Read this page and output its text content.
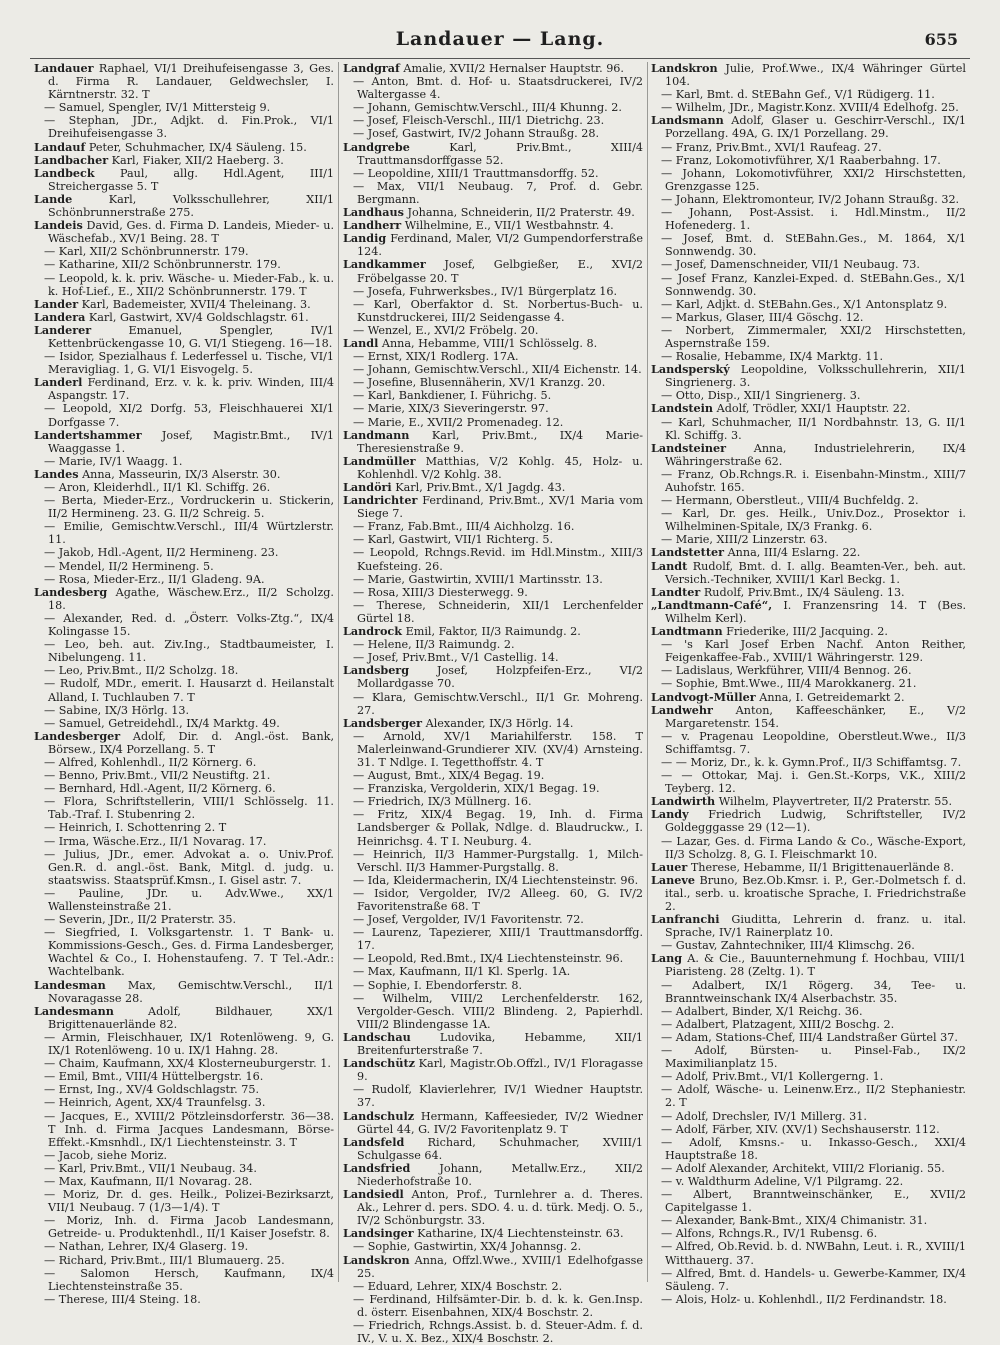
Landauer — Lang.	655

Landauer Raphael, VI/1 Dreihufeisengasse 3, Ges. d. Firma R. Landauer, Geldwechsler, I. Kärntnerstr. 32. T

— Samuel, Spengler, IV/1 Mittersteig 9.

— Stephan, JDr., Adjkt. d. Fin.Prok., VI/1 Dreihufeisengasse 3.

Landauf Peter, Schuhmacher, IX/4 Säuleng. 15.

Landbacher Karl, Fiaker, XII/2 Haeberg. 3.

Landbeck Paul, allg. Hdl.Agent, III/1 Streichergasse 5. T

Lande	Karl, Volksschullehrer, XII/1 Schönbrunnerstraße 275.

Landeis David, Ges. d. Firma D. Landeis, Mieder- u. Wäschefab., XV/1 Being. 28. T

— Karl, XII/2 Schönbrunnerstr. 179.

— Katharine, XII/2 Schönbrunnerstr. 179.

— Leopold, k. k. priv. Wäsche- u. Mieder-Fab., k. u. k. Hof-Lief., E., XII/2 Schönbrunnerstr. 179. T

Lander Karl, Bademeister, XVII/4 Theleinang. 3.

Landera Karl, Gastwirt, XV/4 Goldschlagstr. 61.

Landerer	Emanuel, Spengler, IV/1 Kettenbrückengasse 10, G. VI/1 Stiegeng. 16—18.

— Isidor, Spezialhaus f. Lederfessel u. Tische, VI/1 Meravigliag. 1, G. VI/1 Eisvogelg. 5.

Landerl Ferdinand, Erz. v. k. k. priv. Winden, III/4 Aspangstr. 17.

— Leopold, XI/2 Dorfg. 53, Fleischhauerei XI/1 Dorfgasse 7.

Landertshammer Josef, Magistr.Bmt., IV/1 Waaggasse 1.

— Marie, IV/1 Waagg. 1.

Landes Anna, Masseurin, IX/3 Alserstr. 30.

— Aron, Kleiderhdl., II/1 Kl. Schiffg. 26.

— Berta, Mieder-Erz., Vordruckerin u. Stickerin, II/2 Hermineng. 23. G. II/2 Schreig. 5.

— Emilie, Gemischtw.Verschl., III/4 Würtzlerstr. 11.

— Jakob, Hdl.-Agent, II/2 Hermineng. 23.

— Mendel, II/2 Hermineng. 5.

— Rosa, Mieder-Erz., II/1 Gladeng. 9A.

Landesberg Agathe, Wäschew.Erz., II/2 Scholzg. 18.

— Alexander, Red. d. „Österr. Volks-Ztg.“, IX/4 Kolingasse 15.

— Leo, beh. aut. Ziv.Ing., Stadtbaumeister, I. Nibelungeng. 11.

— Leo, Priv.Bmt., II/2 Scholzg. 18.

— Rudolf, MDr., emerit. I. Hausarzt d. Heilanstalt Alland, I. Tuchlauben 7. T

— Sabine, IX/3 Hörlg. 13.

— Samuel, Getreidehdl., IX/4 Marktg. 49.

Landesberger Adolf, Dir. d. Angl.-öst. Bank, Börsew., IX/4 Porzellang. 5. T

— Alfred, Kohlenhdl., II/2 Körnerg. 6.

— Benno, Priv.Bmt., VII/2 Neustiftg. 21.

— Bernhard, Hdl.-Agent, II/2 Körnerg. 6.

— Flora, Schriftstellerin, VIII/1 Schlösselg. 11. Tab.-Traf. I. Stubenring 2.

— Heinrich, I. Schottenring 2. T

— Irma, Wäsche.Erz., II/1 Novarag. 17.

— Julius, JDr., emer. Advokat a. o. Univ.Prof. Gen.R. d. angl.-öst. Bank, Mitgl. d. judg. u. staatswiss. Staatsprüf.Kmsn., I. Gisel astr. 7.

— Pauline, JDr. u. Adv.Wwe., XX/1 Wallensteinstraße 21.

— Severin, JDr., II/2 Praterstr. 35.

— Siegfried, I. Volksgartenstr. 1. T Bank- u. Kommissions-Gesch., Ges. d. Firma Landesberger, Wachtel & Co., I. Hohenstaufeng. 7. T Tel.-Adr.: Wachtelbank.

Landesman Max, Gemischtw.Verschl., II/1 Novaragasse 28.

Landesmann	Adolf, Bildhauer, XX/1 Brigittenauerlände 82.

— Armin, Fleischhauer, IX/1 Rotenlöweng. 9, G. IX/1 Rotenlöweng. 10 u. IX/1 Hahng. 28.

— Chaim, Kaufmann, XX/4 Klosterneuburgerstr. 1.

— Emil, Bmt., VIII/4 Hüttelbergstr. 16.

— Ernst, Ing., XV/4 Goldschlagstr. 75.

— Heinrich, Agent, XX/4 Traunfelsg. 3.

— Jacques, E., XVIII/2 Pötzleinsdorferstr. 36—38. T Inh. d. Firma Jacques Landesmann, Börse-Effekt.-Kmsnhdl., IX/1 Liechtensteinstr. 3. T

— Jacob, siehe Moriz.

— Karl, Priv.Bmt., VII/1 Neubaug. 34.

— Max, Kaufmann, II/1 Novarag. 28.

— Moriz, Dr. d. ges. Heilk., Polizei-Bezirksarzt, VII/1 Neubaug. 7 (1/3—1/4). T

— Moriz, Inh. d. Firma Jacob Landesmann, Getreide- u. Produktenhdl., II/1 Kaiser Josefstr. 8.

— Nathan, Lehrer, IX/4 Glaserg. 19.

— Richard, Priv.Bmt., III/1 Blumauerg. 25.

— Salomon Hersch, Kaufmann, IX/4 Liechtensteinstraße 35.

— Therese, III/4 Steing. 18.

Landgraf Amalie, XVII/2 Hernalser Hauptstr. 96.

— Anton, Bmt. d. Hof- u. Staatsdruckerei, IV/2 Waltergasse 4.

— Johann, Gemischtw.Verschl., III/4 Khunng. 2.

— Josef, Fleisch-Verschl., III/1 Dietrichg. 23.

— Josef, Gastwirt, IV/2 Johann Straußg. 28.

Landgrebe	Karl, Priv.Bmt., XIII/4 Trauttmansdorffgasse 52.

— Leopoldine, XIII/1 Trauttmansdorffg. 52.

— Max, VII/1 Neubaug. 7, Prof. d. Gebr. Bergmann.

Landhaus Johanna, Schneiderin, II/2 Praterstr. 49.

Landherr Wilhelmine, E., VII/1 Westbahnstr. 4.

Landig Ferdinand, Maler, VI/2 Gumpendorferstraße 124.

Landkammer Josef, Gelbgießer, E., XVI/2 Fröbelgasse 20. T

— Josefa, Fuhrwerksbes., IV/1 Bürgerplatz 16.

— Karl, Oberfaktor d. St. Norbertus-Buch- u. Kunstdruckerei, III/2 Seidengasse 4.

— Wenzel, E., XVI/2 Fröbelg. 20.

Landl Anna, Hebamme, VIII/1 Schlösselg. 8.

— Ernst, XIX/1 Rodlerg. 17A.

— Johann, Gemischtw.Verschl., XII/4 Eichenstr. 14.

— Josefine, Blusennäherin, XV/1 Kranzg. 20.

— Karl, Bankdiener, I. Führichg. 5.

— Marie, XIX/3 Sieveringerstr. 97.

— Marie, E., XVII/2 Promenadeg. 12.

Landmann Karl, Priv.Bmt., IX/4 Marie-Theresienstraße 9.

Landmüller Matthias, V/2 Kohlg. 45, Holz- u. Kohlenhdl. V/2 Kohlg. 38.

Landöri Karl, Priv.Bmt., X/1 Jagdg. 43.

Landrichter Ferdinand, Priv.Bmt., XV/1 Maria vom Siege 7.

— Franz, Fab.Bmt., III/4 Aichholzg. 16.

— Karl, Gastwirt, VII/1 Richterg. 5.

— Leopold, Rchngs.Revid. im Hdl.Minstm., XIII/3 Kuefsteing. 26.

— Marie, Gastwirtin, XVIII/1 Martinsstr. 13.

— Rosa, XIII/3 Diesterwegg. 9.

— Therese, Schneiderin, XII/1 Lerchenfelder Gürtel 18.

Landrock Emil, Faktor, II/3 Raimundg. 2.

— Helene, II/3 Raimundg. 2.

— Josef, Priv.Bmt., V/1 Castellig. 14.

Landsberg Josef, Holzpfeifen-Erz., VI/2 Mollardgasse 70.

— Klara, Gemischtw.Verschl., II/1 Gr. Mohreng. 27.

Landsberger Alexander, IX/3 Hörlg. 14.

— Arnold, XV/1 Mariahilferstr. 158. T Malerleinwand-Grundierer XIV. (XV/4) Arnsteing. 31. T Ndlge. I. Tegetthoffstr. 4. T

— August, Bmt., XIX/4 Begag. 19.

— Franziska, Vergolderin, XIX/1 Begag. 19.

— Friedrich, IX/3 Müllnerg. 16.

— Fritz, XIX/4 Begag. 19, Inh. d. Firma Landsberger & Pollak, Ndlge. d. Blaudruckw., I. Heinrichsg. 4. T I. Neuburg. 4.

— Heinrich, II/3 Hammer-Purgstallg. 1, Milch-Verschl. II/3 Hammer-Purgstallg. 8.

— Ida, Kleidermacherin, IX/4 Liechtensteinstr. 96.

— Isidor, Vergolder, IV/2 Alleeg. 60, G. IV/2 Favoritenstraße 68. T

— Josef, Vergolder, IV/1 Favoritenstr. 72.

— Laurenz, Tapezierer, XIII/1 Trauttmansdorffg. 17.

— Leopold, Red.Bmt., IX/4 Liechtensteinstr. 96.

— Max, Kaufmann, II/1 Kl. Sperlg. 1A.

— Sophie, I. Ebendorferstr. 8.

— Wilhelm, VIII/2 Lerchenfelderstr. 162, Vergolder-Gesch. VIII/2 Blindeng. 2, Papierhdl. VIII/2 Blindengasse 1A.

Landschau	Ludovika, Hebamme, XII/1 Breitenfurterstraße 7.

Landschütz Karl, Magistr.Ob.Offzl., IV/1 Floragasse 9.

— Rudolf, Klavierlehrer, IV/1 Wiedner Hauptstr. 37.

Landschulz Hermann, Kaffeesieder, IV/2 Wiedner Gürtel 44, G. IV/2 Favoritenplatz 9. T

Landsfeld Richard, Schuhmacher, XVIII/1 Schulgasse 64.

Landsfried	Johann, Metallw.Erz., XII/2 Niederhofstraße 10.

Landsiedl Anton, Prof., Turnlehrer a. d. Theres. Ak., Lehrer d. pers. SDO. 4. u. d. türk. Medj. O. 5., IV/2 Schönburgstr. 33.

Landsinger Katharine, IX/4 Liechtensteinstr. 63.

— Sophie, Gastwirtin, XX/4 Johannsg. 2.

Landskron Anna, Offzl.Wwe., XVIII/1 Edelhofgasse 25.

— Eduard, Lehrer, XIX/4 Boschstr. 2.

— Ferdinand, Hilfsämter-Dir. b. d. k. k. Gen.Insp. d. österr. Eisenbahnen, XIX/4 Boschstr. 2.

— Friedrich, Rchngs.Assist. b. d. Steuer-Adm. f. d. IV., V. u. X. Bez., XIX/4 Boschstr. 2.

Landskron Julie, Prof.Wwe., IX/4 Währinger Gürtel 104.

— Karl, Bmt. d. StEBahn Gef., V/1 Rüdigerg. 11.

— Wilhelm, JDr., Magistr.Konz. XVIII/4 Edelhofg. 25.

Landsmann Adolf, Glaser u. Geschirr-Verschl., IX/1 Porzellang. 49A, G. IX/1 Porzellang. 29.

— Franz, Priv.Bmt., XVI/1 Raufeag. 27.

— Franz, Lokomotivführer, X/1 Raaberbahng. 17.

— Johann, Lokomotivführer, XXI/2 Hirschstetten, Grenzgasse 125.

— Johann, Elektromonteur, IV/2 Johann Straußg. 32.

— Johann, Post-Assist. i. Hdl.Minstm., II/2 Hofenederg. 1.

— Josef, Bmt. d. StEBahn.Ges., M. 1864, X/1 Sonnwendg. 30.

— Josef, Damenschneider, VII/1 Neubaug. 73.

— Josef Franz, Kanzlei-Exped. d. StEBahn.Ges., X/1 Sonnwendg. 30.

— Karl, Adjkt. d. StEBahn.Ges., X/1 Antonsplatz 9.

— Markus, Glaser, III/4 Göschg. 12.

— Norbert, Zimmermaler, XXI/2 Hirschstetten, Aspernstraße 159.

— Rosalie, Hebamme, IX/4 Marktg. 11.

Landsperský Leopoldine, Volksschullehrerin, XII/1 Singrienerg. 3.

— Otto, Disp., XII/1 Singrienerg. 3.

Landstein Adolf, Trödler, XXI/1 Hauptstr. 22.

— Karl, Schuhmacher, II/1 Nordbahnstr. 13, G. II/1 Kl. Schiffg. 3.

Landsteiner Anna, Industrielehrerin, IX/4 Währingerstraße 62.

— Franz, Ob.Rchngs.R. i. Eisenbahn-Minstm., XIII/7 Auhofstr. 165.

— Hermann, Oberstleut., VIII/4 Buchfeldg. 2.

— Karl, Dr. ges. Heilk., Univ.Doz., Prosektor i. Wilhelminen-Spitale, IX/3 Frankg. 6.

— Marie, XIII/2 Linzerstr. 63.

Landstetter Anna, III/4 Eslarng. 22.

Landt Rudolf, Bmt. d. I. allg. Beamten-Ver., beh. aut. Versich.-Techniker, XVIII/1 Karl Beckg. 1.

Landter Rudolf, Priv.Bmt., IX/4 Säuleng. 13.

„Landtmann-Café“, I. Franzensring 14. T (Bes. Wilhelm Kerl).

Landtmann Friederike, III/2 Jacquing. 2.

— 's Karl Josef Erben Nachf. Anton Reither, Feigenkaffee-Fab., XVIII/1 Währingerstr. 129.

— Ladislaus, Werkführer, VIII/4 Bennog. 26.

— Sophie, Bmt.Wwe., III/4 Marokkanerg. 21.

Landvogt-Müller Anna, I. Getreidemarkt 2.

Landwehr Anton, Kaffeeschänker, E., V/2 Margaretenstr. 154.

— v. Pragenau Leopoldine, Oberstleut.Wwe., II/3 Schiffamtsg. 7.

— — Moriz, Dr., k. k. Gymn.Prof., II/3 Schiffamtsg. 7.

— — Ottokar, Maj. i. Gen.St.-Korps, V.K., XIII/2 Teyberg. 12.

Landwirth Wilhelm, Playvertreter, II/2 Praterstr. 55.

Landy Friedrich Ludwig, Schriftsteller, IV/2 Goldegggasse 29 (12—1).

— Lazar, Ges. d. Firma Lando & Co., Wäsche-Export, II/3 Scholzg. 8, G. I. Fleischmarkt 10.

Lauer Therese, Hebamme, II/1 Brigittenauerlände 8.

Laneve Bruno, Bez.Ob.Kmsr. i. P., Ger.-Dolmetsch f. d. ital., serb. u. kroatische Sprache, I. Friedrichstraße 2.

Lanfranchi Giuditta, Lehrerin d. franz. u. ital. Sprache, IV/1 Rainerplatz 10.

— Gustav, Zahntechniker, III/4 Klimschg. 26.

Lang A. & Cie., Bauunternehmung f. Hochbau, VIII/1 Piaristeng. 28 (Zeltg. 1). T

— Adalbert, IX/1 Rögerg. 34, Tee- u. Branntweinschank IX/4 Alserbachstr. 35.

— Adalbert, Binder, X/1 Reichg. 36.

— Adalbert, Platzagent, XIII/2 Boschg. 2.

— Adam, Stations-Chef, III/4 Landstraßer Gürtel 37.

— Adolf, Bürsten- u. Pinsel-Fab., IX/2 Maximilianplatz 15.

— Adolf, Priv.Bmt., VI/1 Kollergerng. 1.

— Adolf, Wäsche- u. Leinenw.Erz., II/2 Stephaniestr. 2. T

— Adolf, Drechsler, IV/1 Millerg. 31.

— Adolf, Färber, XIV. (XV/1) Sechshauserstr. 112.

— Adolf, Kmsns.- u. Inkasso-Gesch., XXI/4 Hauptstraße 18.

— Adolf Alexander, Architekt, VIII/2 Florianig. 55.

— v. Waldthurm Adeline, V/1 Pilgramg. 22.

— Albert, Branntweinschänker, E., XVII/2 Capitelgasse 1.

— Alexander, Bank-Bmt., XIX/4 Chimanistr. 31.

— Alfons, Rchngs.R., IV/1 Rubensg. 6.

— Alfred, Ob.Revid. b. d. NWBahn, Leut. i. R., XVIII/1 Witthauerg. 37.

— Alfred, Bmt. d. Handels- u. Gewerbe-Kammer, IX/4 Säuleng. 7.

— Alois, Holz- u. Kohlenhdl., II/2 Ferdinandstr. 18.
